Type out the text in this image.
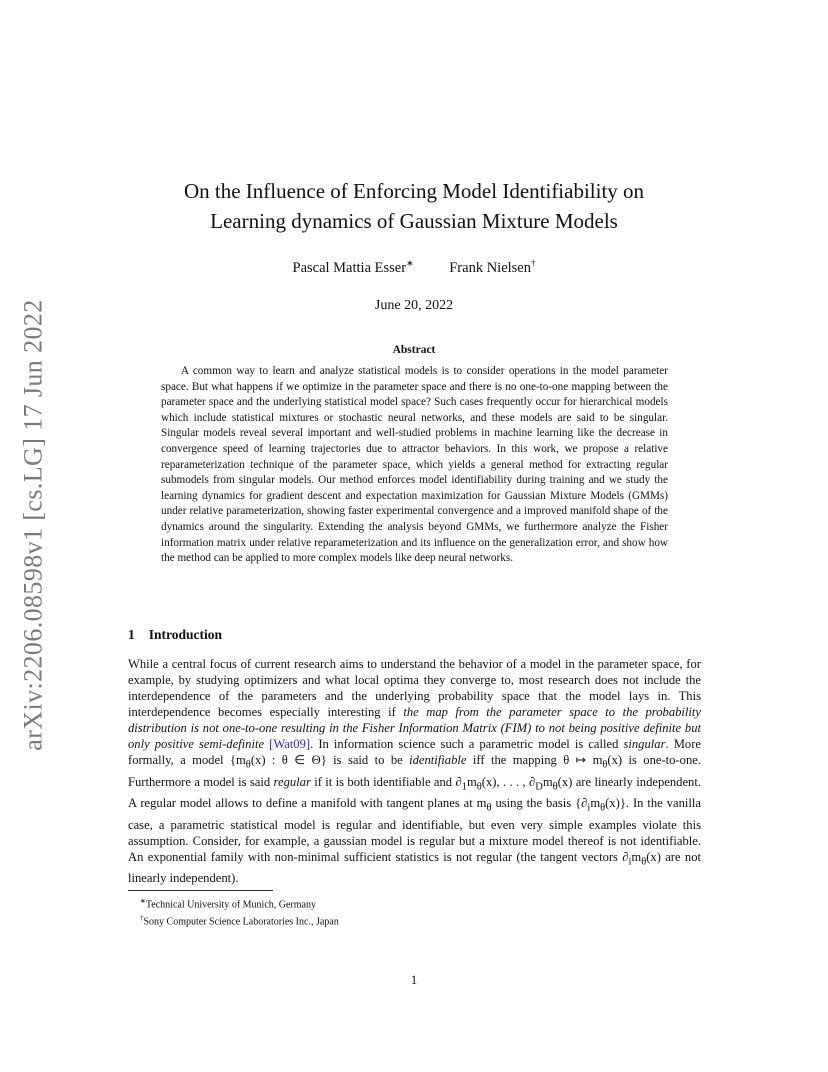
arXiv:2206.08598v1 [cs.LG] 17 Jun 2022
On the Influence of Enforcing Model Identifiability on
Learning dynamics of Gaussian Mixture Models
Pascal Mattia Esser∗ Frank Nielsen†
June 20, 2022
Abstract
A common way to learn and analyze statistical models is to consider operations in the model parameter space. But what happens if we optimize in the parameter space and there is no one-to-one mapping between the parameter space and the underlying statistical model space? Such cases frequently occur for hierarchical models which include statistical mixtures or stochastic neural networks, and these models are said to be singular. Singular models reveal several important and well-studied problems in machine learning like the decrease in convergence speed of learning trajectories due to attractor behaviors. In this work, we propose a relative reparameterization technique of the parameter space, which yields a general method for extracting regular submodels from singular models. Our method enforces model identifiability during training and we study the learning dynamics for gradient descent and expectation maximization for Gaussian Mixture Models (GMMs) under relative parameterization, showing faster experimental convergence and a improved manifold shape of the dynamics around the singularity. Extending the analysis beyond GMMs, we furthermore analyze the Fisher information matrix under relative reparameterization and its influence on the generalization error, and show how the method can be applied to more complex models like deep neural networks.
1 Introduction
While a central focus of current research aims to understand the behavior of a model in the parameter space, for example, by studying optimizers and what local optima they converge to, most research does not include the interdependence of the parameters and the underlying probability space that the model lays in. This interdependence becomes especially interesting if the map from the parameter space to the probability distribution is not one-to-one resulting in the Fisher Information Matrix (FIM) to not being positive definite but only positive semi-definite [Wat09]. In information science such a parametric model is called singular. More formally, a model {$m_\theta(x)$ : θ ∈ Θ} is said to be identifiable iff the mapping θ ↦ $m_\theta(x)$ is one-to-one. Furthermore a model is said regular if it is both identifiable and $\partial_1m_\theta(x)$, . . . , $\partial_Dm_\theta(x)$ are linearly independent. A regular model allows to define a manifold with tangent planes at $m_\theta$ using the basis $\{\partial_im_\theta(x)\}$. In the vanilla case, a parametric statistical model is regular and identifiable, but even very simple examples violate this assumption. Consider, for example, a gaussian model is regular but a mixture model thereof is not identifiable. An exponential family with non-minimal sufficient statistics is not regular (the tangent vectors $\partial_im_\theta(x)$ are not linearly independent).
∗Technical University of Munich, Germany
†Sony Computer Science Laboratories Inc., Japan
1
